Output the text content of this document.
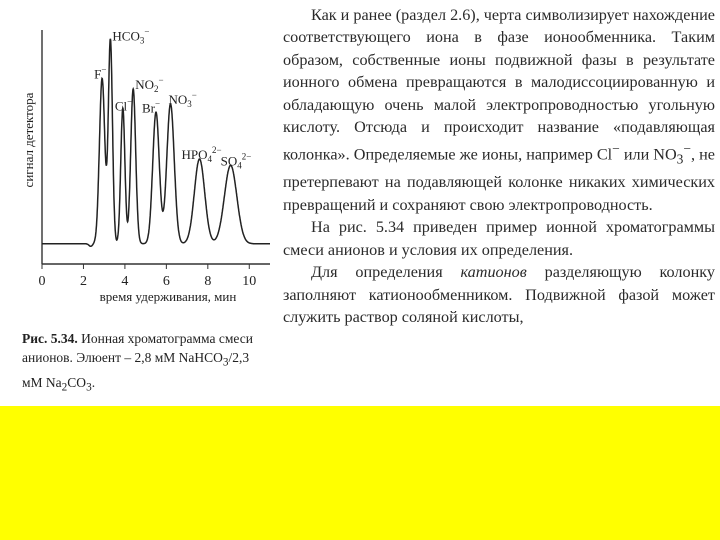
0 2 4 6 8 10
F−
$HCO_3^-$
Cl−
$NO_2^-$
Br− $NO_3^-$
$HPO_4^{2-}$
$SO_4^{2-}$
сигнал детектора
время удерживания, мин

Рис. 5.34. Ионная хроматограмма смеси анионов. Элюент – 2,8 мМ NaHCO$_3$/2,3 мМ $Na_2CO_3$.

Как и ранее (раздел 2.6), черта символизирует нахождение соответствующего иона в фазе ионообменника. Таким образом, собственные ионы подвижной фазы в результате ионного обмена превращаются в малодиссоциированную и обладающую очень малой электропроводностью угольную кислоту. Отсюда и происходит название «подавляющая колонка». Определяемые же ионы, например Cl− или $NO_3^-$, не претерпевают на подавляющей колонке никаких химических превращений и сохраняют свою электропроводность.

На рис. 5.34 приведен пример ионной хроматограммы смеси анионов и условия их определения.

Для определения катионов разделяющую колонку заполняют катионообменником. Подвижной фазой может служить раствор соляной кислоты,
